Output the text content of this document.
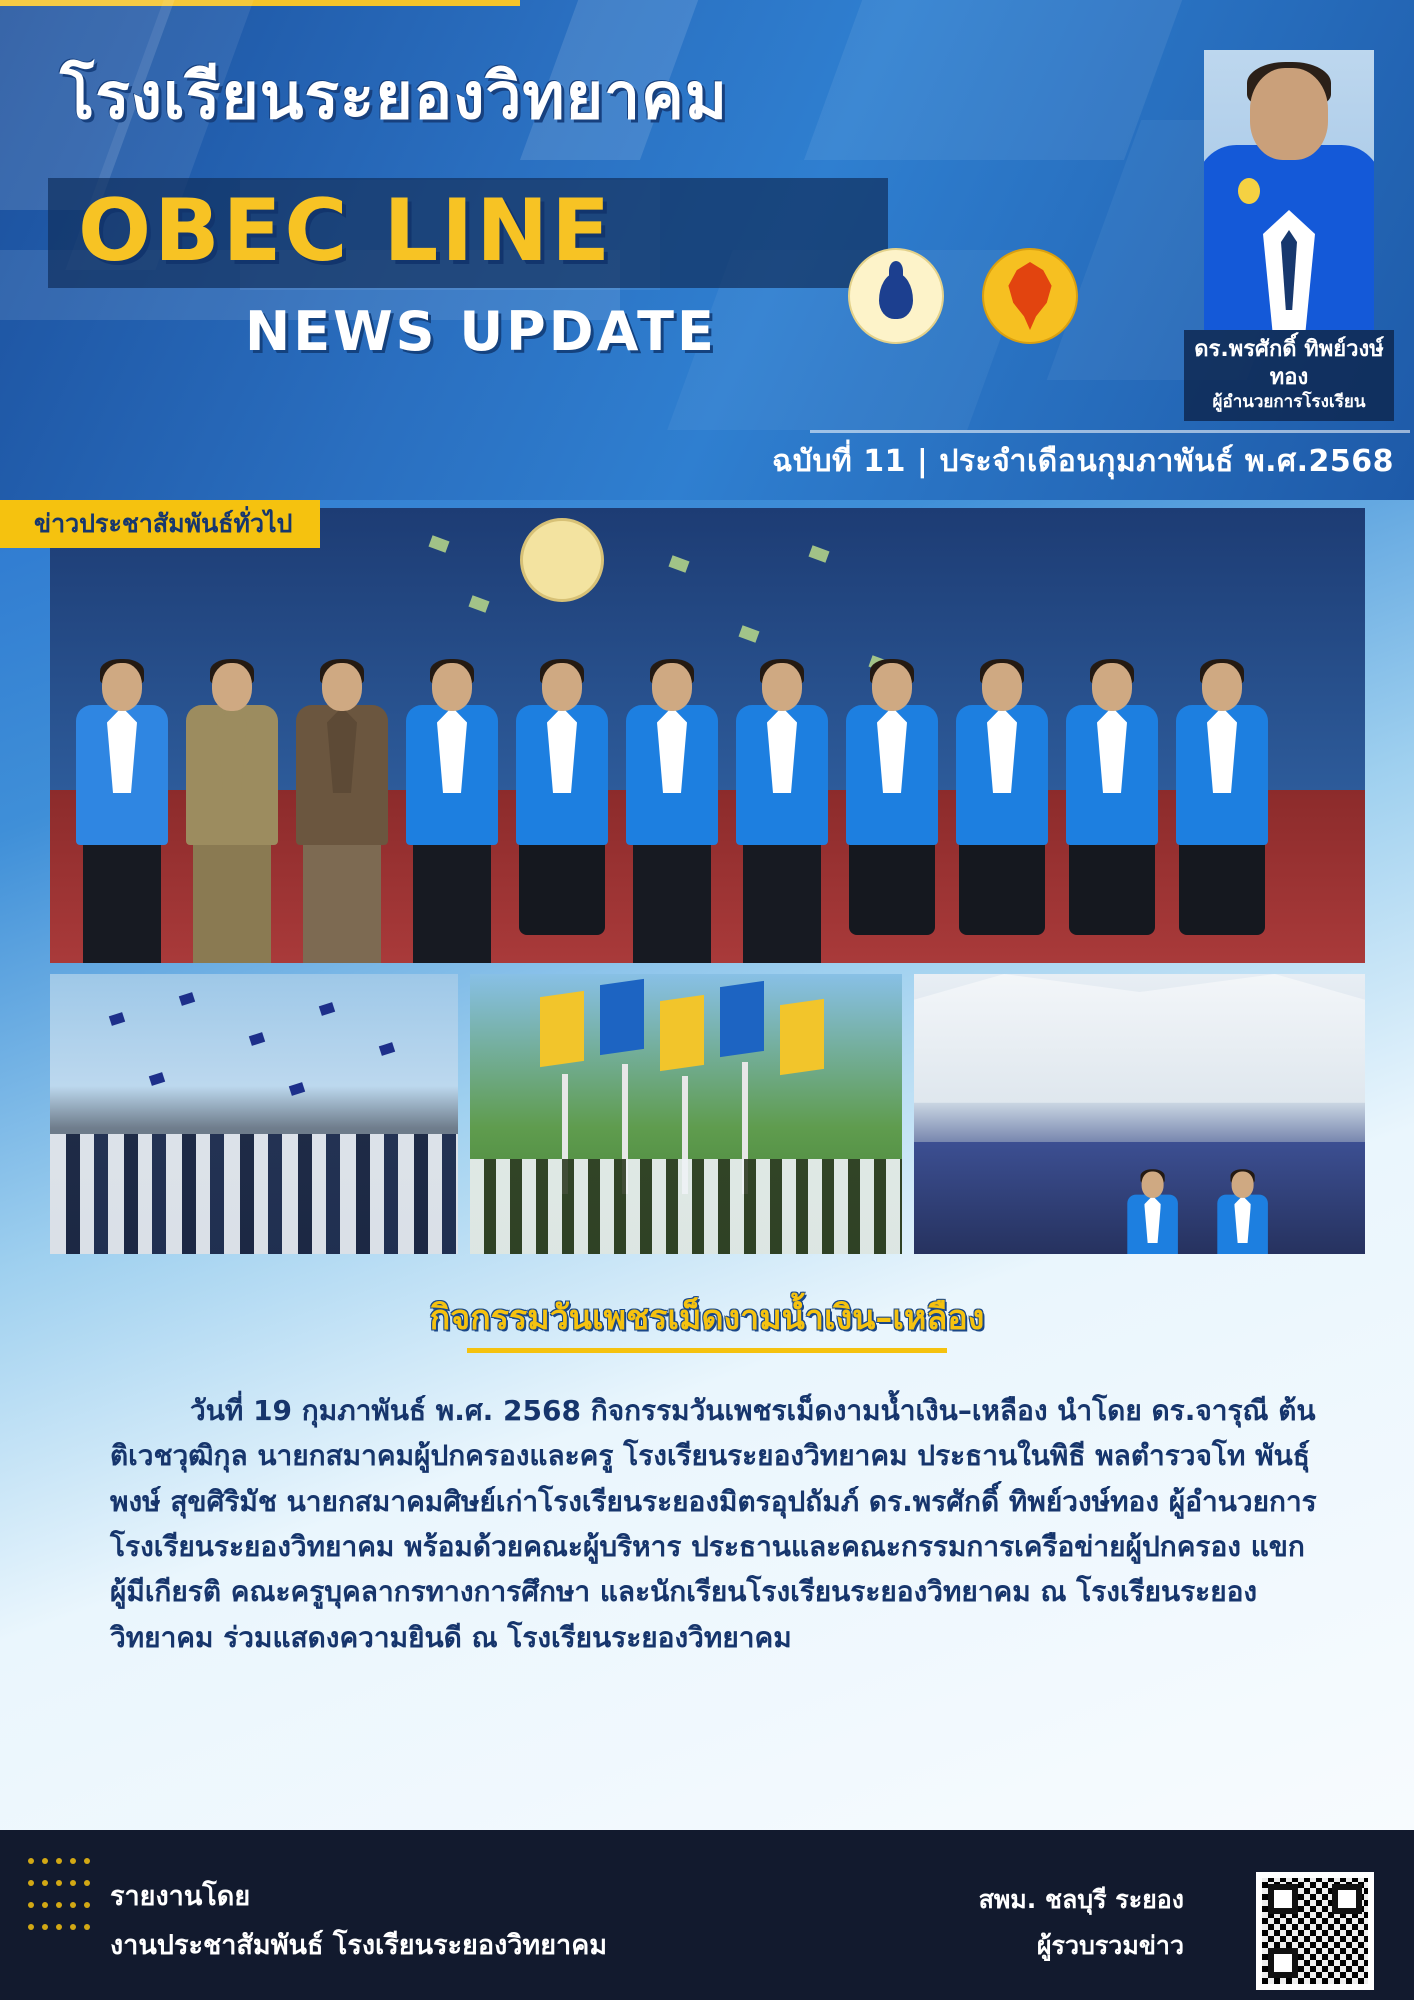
โรงเรียนระยองวิทยาคม
OBEC LINE
NEWS UPDATE	ดร.พรศักดิ์ ทิพย์วงษ์ทอง
ผู้อำนวยการโรงเรียน
ฉบับที่ 11 | ประจำเดือนกุมภาพันธ์ พ.ศ.2568
กิจกรรมวันเพชรเม็ดงามน้ำเงิน–เหลือง
วันที่ 19 กุมภาพันธ์ พ.ศ. 2568 กิจกรรมวันเพชรเม็ดงามน้ำเงิน–เหลือง นำโดย ดร.จารุณี ต้นติเวชวุฒิกุล นายกสมาคมผู้ปกครองและครู โรงเรียนระยองวิทยาคม ประธานในพิธี พลตำรวจโท พันธุ์พงษ์ สุขศิริมัช นายกสมาคมศิษย์เก่าโรงเรียนระยองมิตรอุปถัมภ์ ดร.พรศักดิ์ ทิพย์วงษ์ทอง ผู้อำนวยการโรงเรียนระยองวิทยาคม พร้อมด้วยคณะผู้บริหาร ประธานและคณะกรรมการเครือข่ายผู้ปกครอง แขกผู้มีเกียรติ คณะครูบุคลากรทางการศึกษา และนักเรียนโรงเรียนระยองวิทยาคม ณ โรงเรียนระยองวิทยาคม ร่วมแสดงความยินดี ณ โรงเรียนระยองวิทยาคม
ข่าวประชาสัมพันธ์ทั่วไป
รายงานโดย
งานประชาสัมพันธ์ โรงเรียนระยองวิทยาคม
สพม. ชลบุรี ระยอง
ผู้รวบรวมข่าว
